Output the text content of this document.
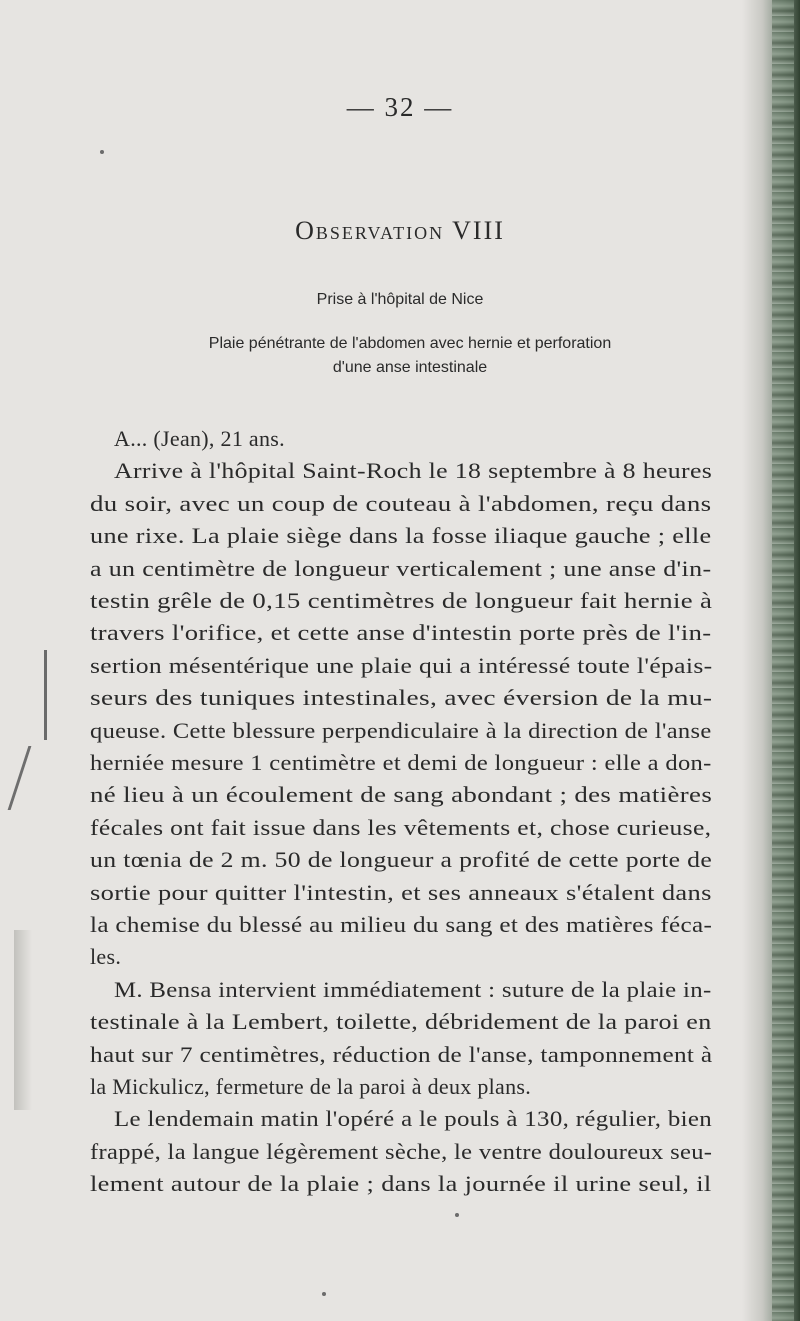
— 32 —
Observation VIII
Prise à l'hôpital de Nice
Plaie pénétrante de l'abdomen avec hernie et perforation
d'une anse intestinale
A... (Jean), 21 ans.
Arrive à l'hôpital Saint-Roch le 18 septembre à 8 heures
du soir, avec un coup de couteau à l'abdomen, reçu dans
une rixe. La plaie siège dans la fosse iliaque gauche ; elle
a un centimètre de longueur verticalement ; une anse d'in-
testin grêle de 0,15 centimètres de longueur fait hernie à
travers l'orifice, et cette anse d'intestin porte près de l'in-
sertion mésentérique une plaie qui a intéressé toute l'épais-
seurs des tuniques intestinales, avec éversion de la mu-
queuse. Cette blessure perpendiculaire à la direction de l'anse
herniée mesure 1 centimètre et demi de longueur : elle a don-
né lieu à un écoulement de sang abondant ; des matières
fécales ont fait issue dans les vêtements et, chose curieuse,
un tœnia de 2 m. 50 de longueur a profité de cette porte de
sortie pour quitter l'intestin, et ses anneaux s'étalent dans
la chemise du blessé au milieu du sang et des matières féca-
les.
M. Bensa intervient immédiatement : suture de la plaie in-
testinale à la Lembert, toilette, débridement de la paroi en
haut sur 7 centimètres, réduction de l'anse, tamponnement à
la Mickulicz, fermeture de la paroi à deux plans.
Le lendemain matin l'opéré a le pouls à 130, régulier, bien
frappé, la langue légèrement sèche, le ventre douloureux seu-
lement autour de la plaie ; dans la journée il urine seul, il
